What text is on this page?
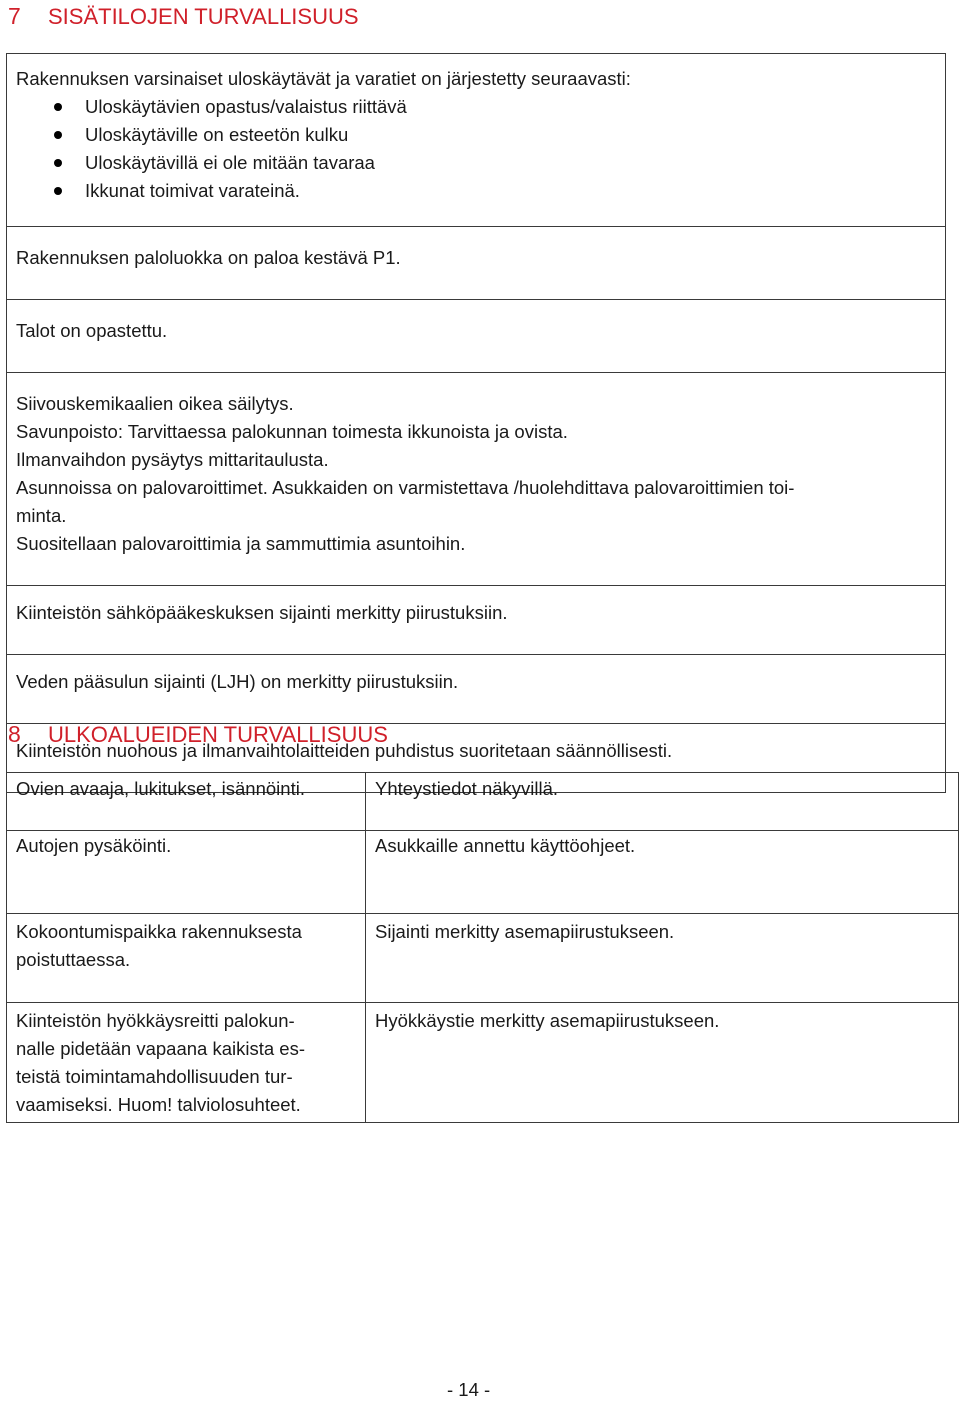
7 SISÄTILOJEN TURVALLISUUS
Rakennuksen varsinaiset uloskäytävät ja varatiet on järjestetty seuraavasti:
Uloskäytävien opastus/valaistus riittävä
Uloskäytäville on esteetön kulku
Uloskäytävillä ei ole mitään tavaraa
Ikkunat toimivat varateinä.

Rakennuksen paloluokka on paloa kestävä P1.

Talot on opastettu.

Siivouskemikaalien oikea säilytys.
Savunpoisto: Tarvittaessa palokunnan toimesta ikkunoista ja ovista.
Ilmanvaihdon pysäytys mittaritaulusta.
Asunnoissa on palovaroittimet. Asukkaiden on varmistettava /huolehdittava palovaroittimien toi-
minta.
Suositellaan palovaroittimia ja sammuttimia asuntoihin.

Kiinteistön sähköpääkeskuksen sijainti merkitty piirustuksiin.

Veden pääsulun sijainti (LJH) on merkitty piirustuksiin.

Kiinteistön nuohous ja ilmanvaihtolaitteiden puhdistus suoritetaan säännöllisesti.
8 ULKOALUEIDEN TURVALLISUUS
Ovien avaaja, lukitukset, isännöinti.	Yhteystiedot näkyvillä.

Autojen pysäköinti.	Asukkaille annettu käyttöohjeet.

Kokoontumispaikka rakennuksesta
poistuttaessa.	Sijainti merkitty asemapiirustukseen.

Kiinteistön hyökkäysreitti palokun-
nalle pidetään vapaana kaikista es-
teistä toimintamahdollisuuden tur-
vaamiseksi. Huom! talviolosuhteet.	Hyökkäystie merkitty asemapiirustukseen.
- 14 -
